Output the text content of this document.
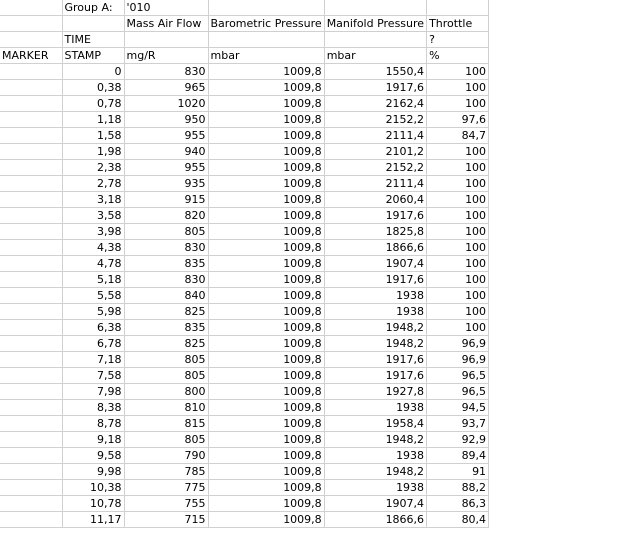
	Group A:	'010			
		Mass Air Flow	Barometric Pressure	Manifold Pressure	Throttle
	TIME				?
MARKER	STAMP	mg/R	mbar	mbar	%
	0	830	1009,8	1550,4	100
	0,38	965	1009,8	1917,6	100
	0,78	1020	1009,8	2162,4	100
	1,18	950	1009,8	2152,2	97,6
	1,58	955	1009,8	2111,4	84,7
	1,98	940	1009,8	2101,2	100
	2,38	955	1009,8	2152,2	100
	2,78	935	1009,8	2111,4	100
	3,18	915	1009,8	2060,4	100
	3,58	820	1009,8	1917,6	100
	3,98	805	1009,8	1825,8	100
	4,38	830	1009,8	1866,6	100
	4,78	835	1009,8	1907,4	100
	5,18	830	1009,8	1917,6	100
	5,58	840	1009,8	1938	100
	5,98	825	1009,8	1938	100
	6,38	835	1009,8	1948,2	100
	6,78	825	1009,8	1948,2	96,9
	7,18	805	1009,8	1917,6	96,9
	7,58	805	1009,8	1917,6	96,5
	7,98	800	1009,8	1927,8	96,5
	8,38	810	1009,8	1938	94,5
	8,78	815	1009,8	1958,4	93,7
	9,18	805	1009,8	1948,2	92,9
	9,58	790	1009,8	1938	89,4
	9,98	785	1009,8	1948,2	91
	10,38	775	1009,8	1938	88,2
	10,78	755	1009,8	1907,4	86,3
	11,17	715	1009,8	1866,6	80,4
